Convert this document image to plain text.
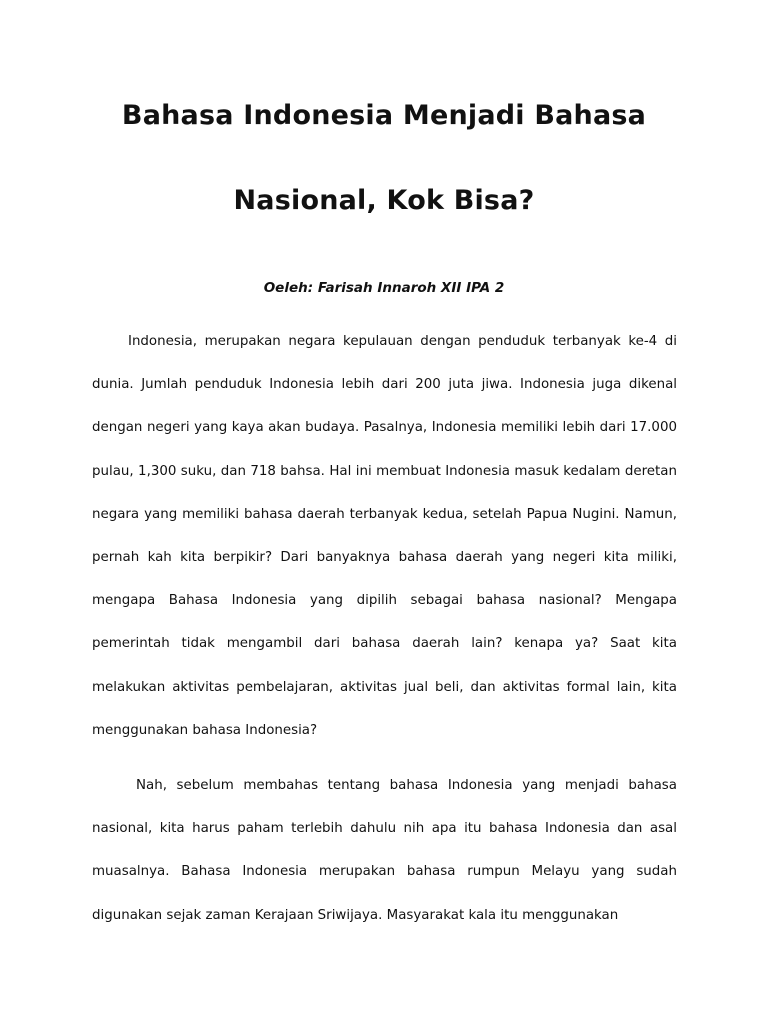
Bahasa Indonesia Menjadi Bahasa
Nasional, Kok Bisa?
Oeleh: Farisah Innaroh XII IPA 2

Indonesia, merupakan negara kepulauan dengan penduduk terbanyak ke-4 di dunia. Jumlah penduduk Indonesia lebih dari 200 juta jiwa. Indonesia juga dikenal dengan negeri yang kaya akan budaya. Pasalnya, Indonesia memiliki lebih dari 17.000 pulau, 1,300 suku, dan 718 bahsa. Hal ini membuat Indonesia masuk kedalam deretan negara yang memiliki bahasa daerah terbanyak kedua, setelah Papua Nugini. Namun, pernah kah kita berpikir? Dari banyaknya bahasa daerah yang negeri kita miliki, mengapa Bahasa Indonesia yang dipilih sebagai bahasa nasional? Mengapa pemerintah tidak mengambil dari bahasa daerah lain? kenapa ya? Saat kita melakukan aktivitas pembelajaran, aktivitas jual beli, dan aktivitas formal lain, kita menggunakan bahasa Indonesia?

Nah, sebelum membahas tentang bahasa Indonesia yang menjadi bahasa nasional, kita harus paham terlebih dahulu nih apa itu bahasa Indonesia dan asal muasalnya. Bahasa Indonesia merupakan bahasa rumpun Melayu yang sudah digunakan sejak zaman Kerajaan Sriwijaya. Masyarakat kala itu menggunakan
